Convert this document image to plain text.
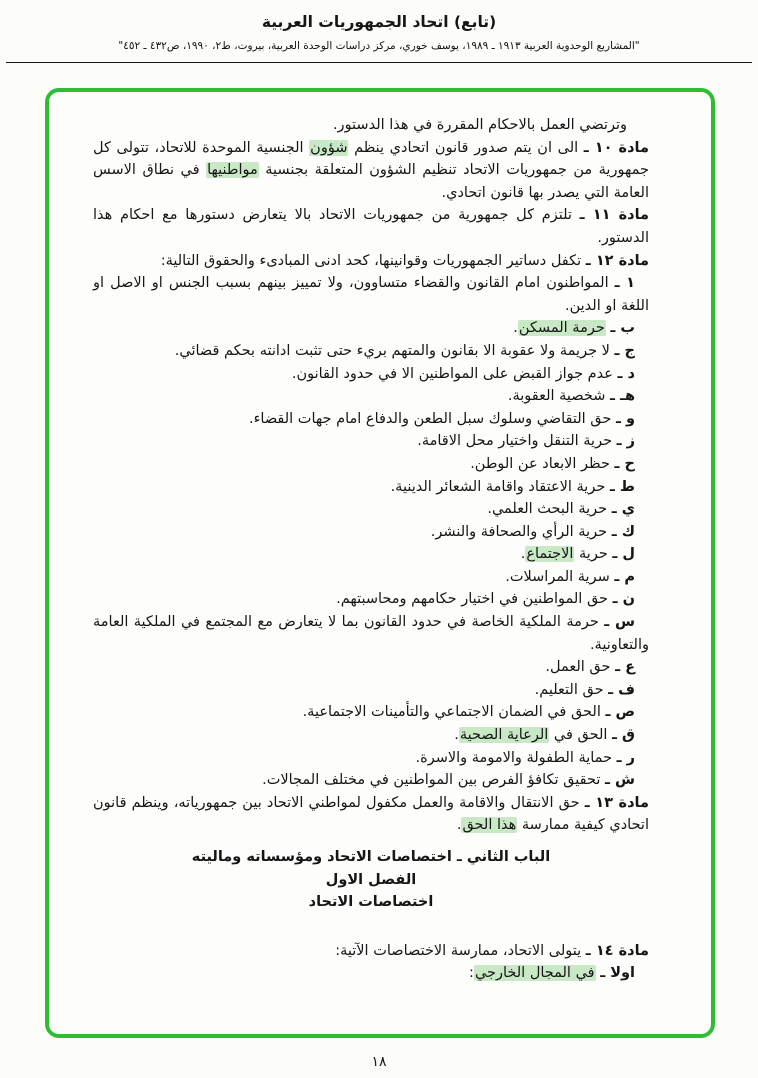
(تابع) اتحاد الجمهوريات العربية
"المشاريع الوحدوية العربية ١٩١٣ ـ ١٩٨٩، يوسف خوري، مركز دراسات الوحدة العربية، بيروت، ط٢، ١٩٩٠، ص٤٣٢ ـ ٤٥٢"

وترتضي العمل بالاحكام المقررة في هذا الدستور.

مادة ١٠ ـ الى ان يتم صدور قانون اتحادي ينظم شؤون الجنسية الموحدة للاتحاد، تتولى كل جمهورية من جمهوريات الاتحاد تنظيم الشؤون المتعلقة بجنسية مواطنيها في نطاق الاسس العامة التي يصدر بها قانون اتحادي.

مادة ١١ ـ تلتزم كل جمهورية من جمهوريات الاتحاد بالا يتعارض دستورها مع احكام هذا الدستور.

مادة ١٢ ـ تكفل دساتير الجمهوريات وقوانينها، كحد ادنى المبادىء والحقوق التالية:

١ ـ المواطنون امام القانون والقضاء متساوون، ولا تمييز بينهم بسبب الجنس او الاصل او اللغة او الدين.

ب ـ حرمة المسكن.

ج ـ لا جريمة ولا عقوبة الا بقانون والمتهم بريء حتى تثبت ادانته بحكم قضائي.

د ـ عدم جواز القبض على المواطنين الا في حدود القانون.

هـ ـ شخصية العقوبة.

و ـ حق التقاضي وسلوك سبل الطعن والدفاع امام جهات القضاء.

ز ـ حرية التنقل واختيار محل الاقامة.

ح ـ حظر الابعاد عن الوطن.

ط ـ حرية الاعتقاد واقامة الشعائر الدينية.

ي ـ حرية البحث العلمي.

ك ـ حرية الرأي والصحافة والنشر.

ل ـ حرية الاجتماع.

م ـ سرية المراسلات.

ن ـ حق المواطنين في اختيار حكامهم ومحاسبتهم.

س ـ حرمة الملكية الخاصة في حدود القانون بما لا يتعارض مع المجتمع في الملكية العامة والتعاونية.

ع ـ حق العمل.

ف ـ حق التعليم.

ص ـ الحق في الضمان الاجتماعي والتأمينات الاجتماعية.

ق ـ الحق في الرعاية الصحية.

ر ـ حماية الطفولة والامومة والاسرة.

ش ـ تحقيق تكافؤ الفرص بين المواطنين في مختلف المجالات.

مادة ١٣ ـ حق الانتقال والاقامة والعمل مكفول لمواطني الاتحاد بين جمهورياته، وينظم قانون اتحادي كيفية ممارسة هذا الحق.

الباب الثاني ـ اختصاصات الاتحاد ومؤسساته وماليته

الفصل الاول

اختصاصات الاتحاد

مادة ١٤ ـ يتولى الاتحاد، ممارسة الاختصاصات الآتية:

اولا ـ في المجال الخارجي:

١٨
